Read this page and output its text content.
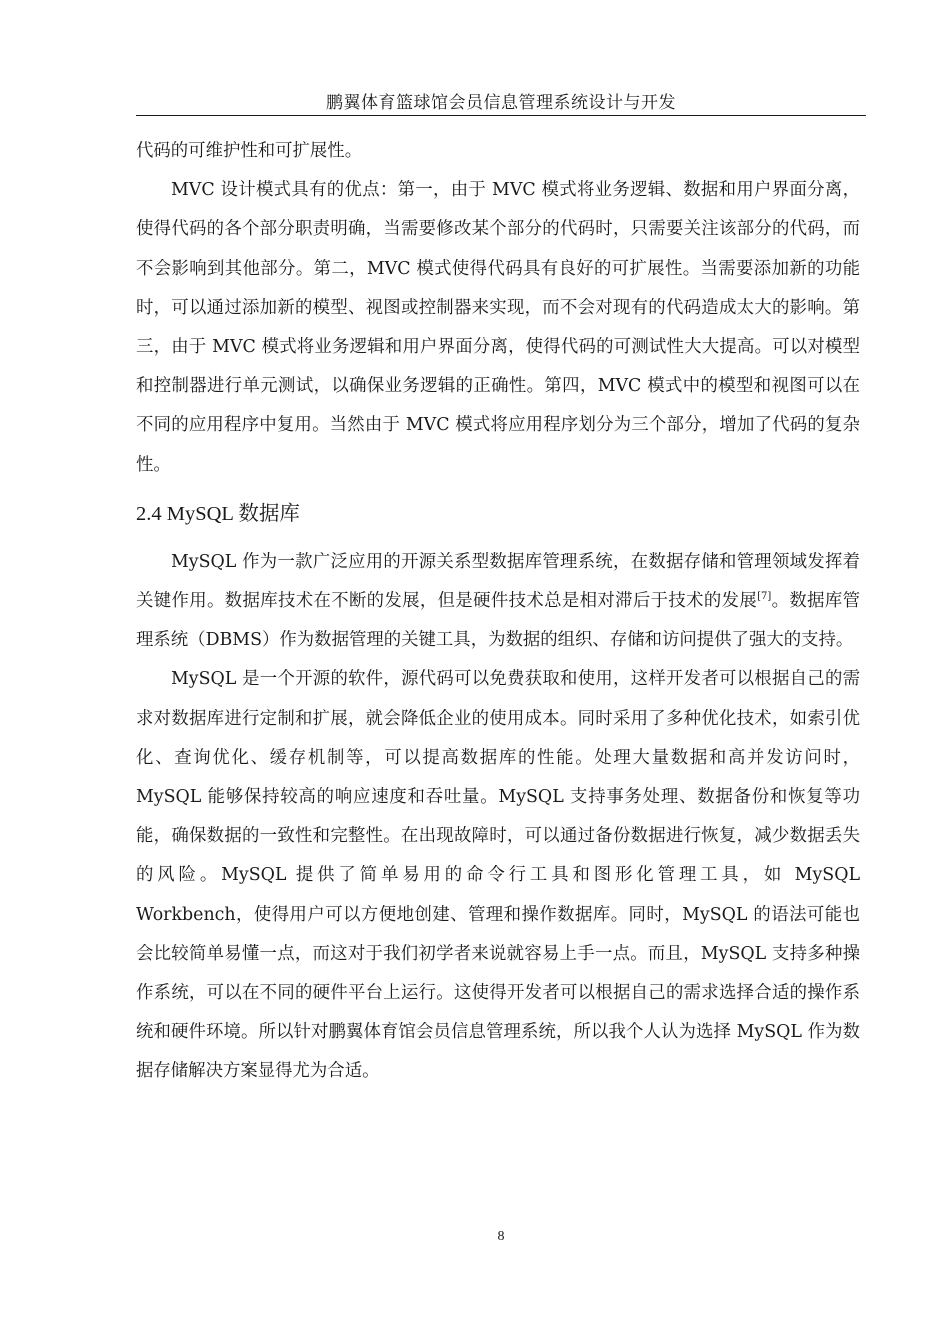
鹏翼体育篮球馆会员信息管理系统设计与开发

代码的可维护性和可扩展性。

MVC 设计模式具有的优点：第一，由于 MVC 模式将业务逻辑、数据和用户界面分离，使得代码的各个部分职责明确，当需要修改某个部分的代码时，只需要关注该部分的代码，而不会影响到其他部分。第二，MVC 模式使得代码具有良好的可扩展性。当需要添加新的功能时，可以通过添加新的模型、视图或控制器来实现，而不会对现有的代码造成太大的影响。第三，由于 MVC 模式将业务逻辑和用户界面分离，使得代码的可测试性大大提高。可以对模型和控制器进行单元测试，以确保业务逻辑的正确性。第四，MVC 模式中的模型和视图可以在不同的应用程序中复用。当然由于 MVC 模式将应用程序划分为三个部分，增加了代码的复杂性。

2.4 MySQL 数据库

MySQL 作为一款广泛应用的开源关系型数据库管理系统，在数据存储和管理领域发挥着关键作用。数据库技术在不断的发展，但是硬件技术总是相对滞后于技术的发展[7]。数据库管理系统（DBMS）作为数据管理的关键工具，为数据的组织、存储和访问提供了强大的支持。

MySQL 是一个开源的软件，源代码可以免费获取和使用，这样开发者可以根据自己的需求对数据库进行定制和扩展，就会降低企业的使用成本。同时采用了多种优化技术，如索引优化、查询优化、缓存机制等，可以提高数据库的性能。处理大量数据和高并发访问时，MySQL 能够保持较高的响应速度和吞吐量。MySQL 支持事务处理、数据备份和恢复等功能，确保数据的一致性和完整性。在出现故障时，可以通过备份数据进行恢复，减少数据丢失的风险。MySQL 提供了简单易用的命令行工具和图形化管理工具，如 MySQL Workbench，使得用户可以方便地创建、管理和操作数据库。同时，MySQL 的语法可能也会比较简单易懂一点，而这对于我们初学者来说就容易上手一点。而且，MySQL 支持多种操作系统，可以在不同的硬件平台上运行。这使得开发者可以根据自己的需求选择合适的操作系统和硬件环境。所以针对鹏翼体育馆会员信息管理系统，所以我个人认为选择 MySQL 作为数据存储解决方案显得尤为合适。

8
